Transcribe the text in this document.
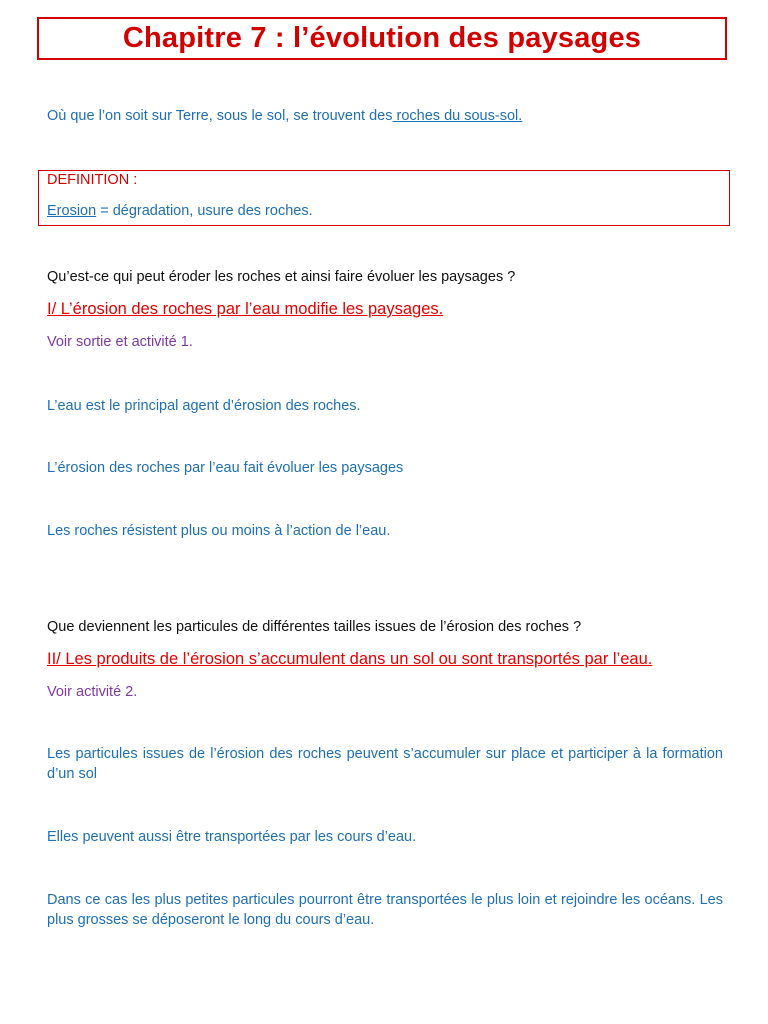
Chapitre 7 : l’évolution des paysages
Où que l’on soit sur Terre, sous le sol, se trouvent des roches du sous-sol.
DEFINITION :
Erosion = dégradation, usure des roches.
Qu’est-ce qui peut éroder les roches et ainsi faire évoluer les paysages ?
I/ L’érosion des roches par l’eau modifie les paysages.
Voir sortie et activité 1.
L’eau est le principal agent d’érosion des roches.
L’érosion des roches par l’eau fait évoluer les paysages
Les roches résistent plus ou moins à l’action de l’eau.
Que deviennent les particules de différentes tailles issues de l’érosion des roches ?
II/ Les produits de l’érosion s’accumulent dans un sol ou sont transportés par l’eau.
Voir activité 2.
Les particules issues de l’érosion des roches peuvent s’accumuler sur place et participer à la formation d’un sol
Elles peuvent aussi être transportées par les cours d’eau.
Dans ce cas les plus petites particules pourront être transportées le plus loin et rejoindre les océans. Les plus grosses se déposeront le long du cours d’eau.
